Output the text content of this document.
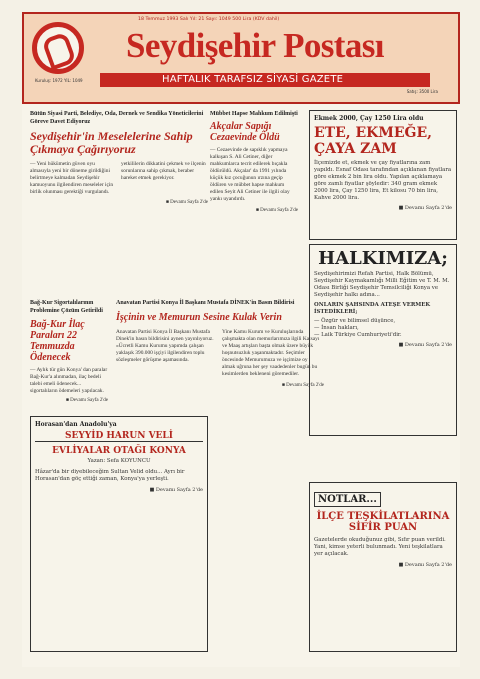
Kuruluş: 1972 YIL: 1049
18 Temmuz 1993 Salı Yıl: 21 Sayı: 1049 500 Lira (KDV dahil)
Seydişehir Postası
HAFTALIK TARAFSIZ SİYASİ GAZETE
Satış: 3500 Lira
Bütün Siyasi Parti, Belediye, Oda, Dernek ve Sendika Yöneticilerini Göreve Davet Ediyoruz
Seydişehir'in Meselelerine Sahip Çıkmaya Çağırıyoruz
— Yeni hükümetin güven oyu almasıyla yeni bir döneme girildiğini belirtmeye kalmadan Seydişehir kamuoyunu ilgilendiren meseleler için birlik olunması gerektiği vurgulandı.
yetkililerin dikkatini çekmek ve ilçenin sorunlarına sahip çıkmak, beraber hareket etmek gerekiyor.
■ Devamı Sayfa 2'de
Bağ-Kur Sigortalılarının Problemine Çözüm Getirildi
Bağ-Kur İlaç Paraları 22 Temmuzda Ödenecek
— Aylık tür gün Konya' dan paralar Bağ-Kur'a alınmadan, ilaç bedeli talebi emeli ödenecek... sigortalıların ödemeleri yapılacak.
■ Devamı Sayfa 2'de
Anavatan Partisi Konya İl Başkanı Mustafa DİNEK'in Basın Bildirisi
İşçinin ve Memurun Sesine Kulak Verin
Anavatan Partisi Konya İl Başkanı Mustafa Dinek'in basın bildirisini aynen yayınlıyoruz. «Ücretli Kamu Kurumu yapımda çalışan yaklaşık 390.000 işçiyi ilgilendiren toplu sözleşmeler görüşme aşamasında.
Yine Kamu Kurum ve Kuruluşlarında çalışmakta olan memurlarımıza ilgili Katsayı ve Maaş artışları başta olmak üzere büyük hoşnutsuzluk yaşanmaktadır. Seçimler öncesinde Memurumuza ve işçimize oy almak uğruna her şey vaadedenler bugün bu kesimlerden bekleneni göremediler.
■ Devamı Sayfa 2'de
Mübbet Hapse Mahkum Edilmişti
Akçalar Sapığı Cezaevinde Öldü
— Cezaevinde de sapıklık yapmaya kalkışan S. Ali Cetiner, diğer mahkumlarca tecrit edilerek bıçakla öldürüldü. Akçalar' da 1991 yılında küçük kız çocuğunun ırzına geçip öldüren ve mübbet hapse mahkum edilen Seyit Ali Cetiner ile ilgili olay yankı uyandırdı.
■ Devamı Sayfa 2'de
Ekmek 2000, Çay 1250 Lira oldu
ETE, EKMEĞE, ÇAYA ZAM
İlçemizde et, ekmek ve çay fiyatlarına zam yapıldı. Esnaf Odası tarafından açıklanan fiyatlara göre ekmek 2 bin lira oldu. Yapılan açıklamaya göre zamlı fiyatlar şöyledir: 340 gram ekmek 2000 lira, Çay 1250 lira, Et kilosu 70 bin lira, Kahve 2000 lira.
■ Devamı Sayfa 2'de
HALKIMIZA;
Seydişehirimizi Refah Partisi, Halk Bölümü, Seydişehir Kaymakamlığı Milli Eğitim ve T. M. M. Odası Birliği Seydişehir Temsilciliği Konya ve Seydişehir halkı adına...
ONLARIN ŞAHSINDA ATEŞE VERMEK İSTEDİKLERİ;
— Özgür ve bilimsel düşünce,
— İnsan hakları,
— Laik Türkiye Cumhuriyeti'dir.
■ Devamı Sayfa 2'de
NOTLAR...
İLÇE TEŞKİLATLARINA SİFİR PUAN
Gazetelerde okuduğunuz gibi, Sıfır puan verildi. Yani, kimse yeterli bulunmadı. Yeni teşkilatlara yer açılacak.
■ Devamı Sayfa 2'de
Horasan'dan Anadolu'ya
SEYYİD HARUN VELİ
EVLİYALAR OTAĞI KONYA
Yazan: Sefa KOYUNCU
Hâzar'da bir diyebileceğim Sultan Velid oldu... Ayrı bir Horasan'dan göç ettiği zaman, Konya'ya yerleşti.
■ Devamı Sayfa 2'de
